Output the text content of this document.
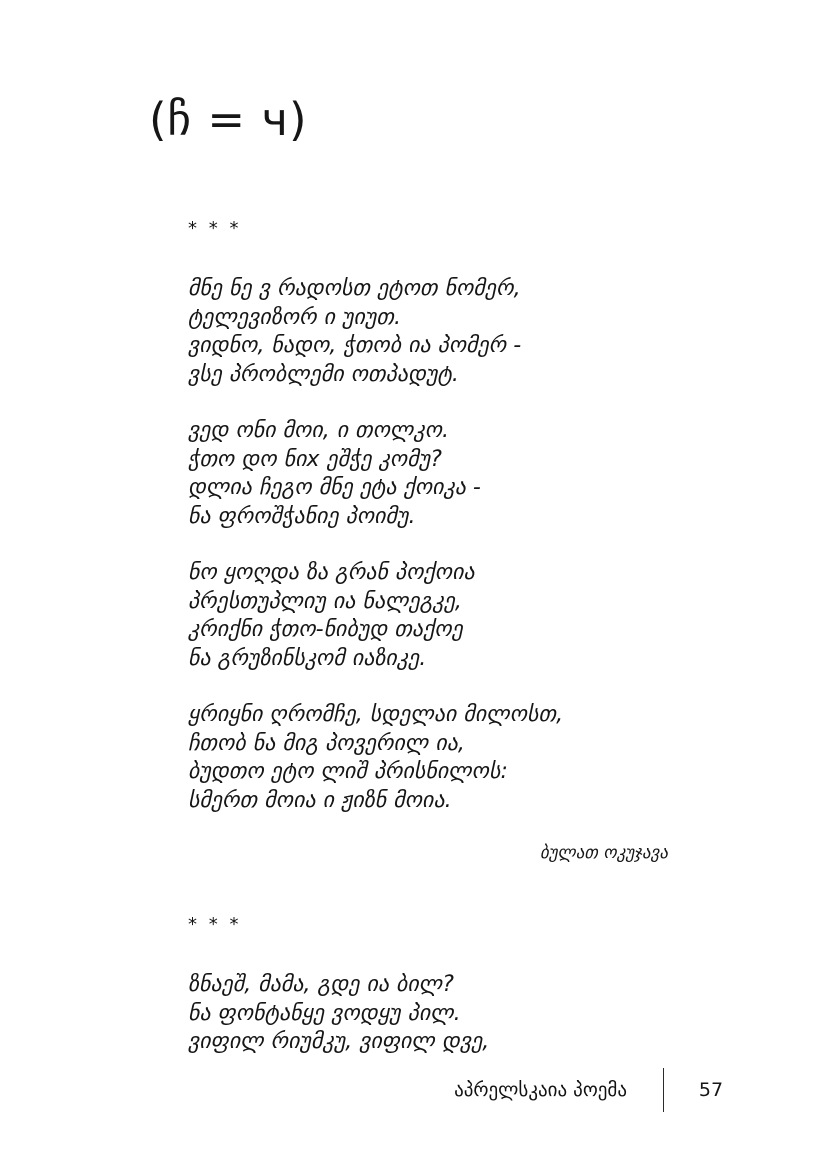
(ჩ = ч)
* * *
მნე ნე ვ რადოსთ ეტოთ ნომერ,
ტელევიზორ ი უიუთ.
ვიდნო, ნადო, ჭთობ ია პომერ -
ვსე პრობლემი ოთპადუტ.
ვედ ონი მოი, ი თოლკო.
ჭთო დო ნიx ეშჭე კომუ?
დლია ჩეგო მნე ეტა ქოიკა -
ნა ფროშჭანიე პოიმუ.
ნო ყოღდა ზა გრან პოქოია
პრესთუპლიუ ია ნალეგკე,
კრიქნი ჭთო-ნიბუდ თაქოე
ნა გრუზინსკომ იაზიკე.
ყრიყნი ღრომჩე, სდელაი მილოსთ,
ჩთობ ნა მიგ პოვერილ ია,
ბუდთო ეტო ლიშ პრისნილოს:
სმერთ მოია ი ჟიზნ მოია.
ბულათ ოკუჯავა
* * *
ზნაეშ, მამა, გდე ია ბილ?
ნა ფონტანყე ვოდყუ პილ.
ვიფილ რიუმკუ, ვიფილ დვე,
აპრელსკაია პოემა	57
